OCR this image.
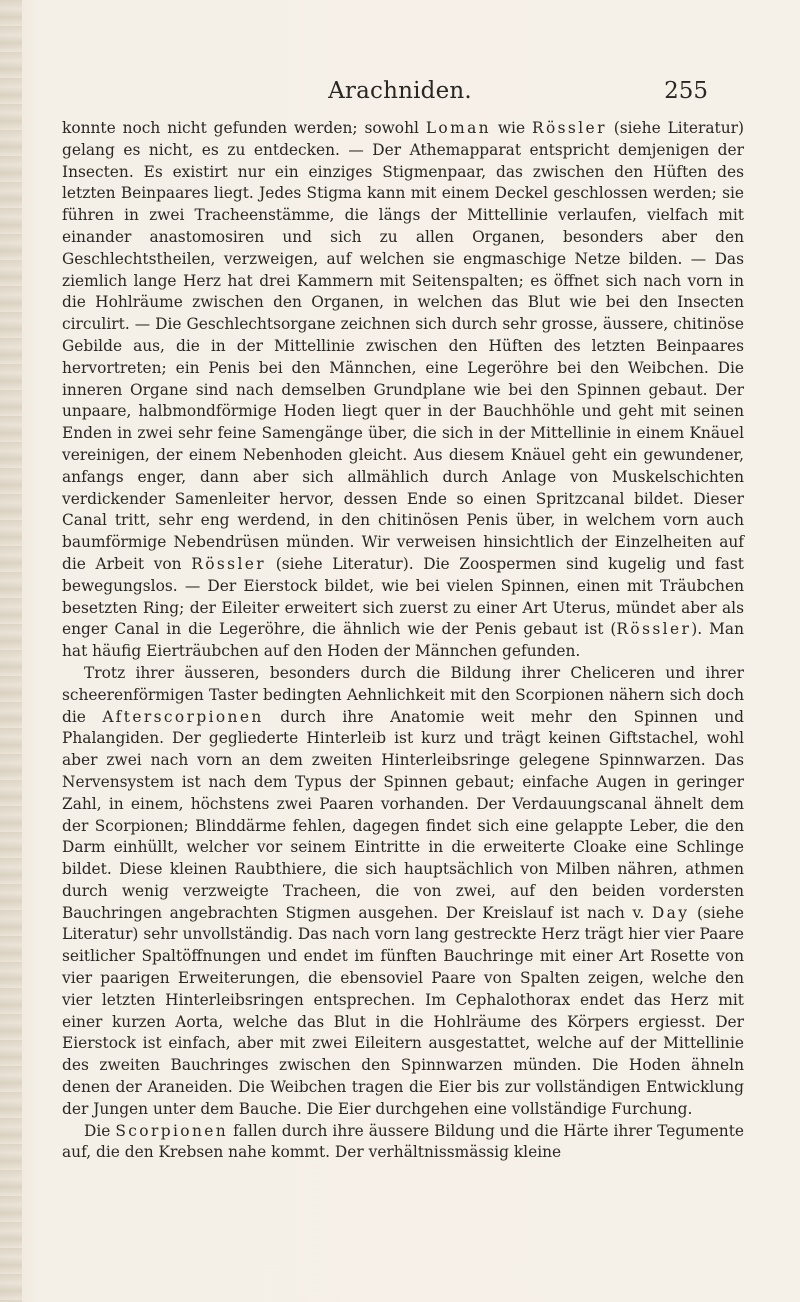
Arachniden.	255

konnte noch nicht gefunden werden; sowohl Loman wie Rössler (siehe Literatur) gelang es nicht, es zu entdecken. — Der Athemapparat entspricht demjenigen der Insecten. Es existirt nur ein einziges Stigmenpaar, das zwischen den Hüften des letzten Beinpaares liegt. Jedes Stigma kann mit einem Deckel geschlossen werden; sie führen in zwei Tracheenstämme, die längs der Mittellinie verlaufen, vielfach mit einander anastomosiren und sich zu allen Organen, besonders aber den Geschlechtstheilen, verzweigen, auf welchen sie engmaschige Netze bilden. — Das ziemlich lange Herz hat drei Kammern mit Seitenspalten; es öffnet sich nach vorn in die Hohlräume zwischen den Organen, in welchen das Blut wie bei den Insecten circulirt. — Die Geschlechtsorgane zeichnen sich durch sehr grosse, äussere, chitinöse Gebilde aus, die in der Mittellinie zwischen den Hüften des letzten Beinpaares hervortreten; ein Penis bei den Männchen, eine Legeröhre bei den Weibchen. Die inneren Organe sind nach demselben Grundplane wie bei den Spinnen gebaut. Der unpaare, halbmondförmige Hoden liegt quer in der Bauchhöhle und geht mit seinen Enden in zwei sehr feine Samengänge über, die sich in der Mittellinie in einem Knäuel vereinigen, der einem Nebenhoden gleicht. Aus diesem Knäuel geht ein gewundener, anfangs enger, dann aber sich allmählich durch Anlage von Muskelschichten verdickender Samenleiter hervor, dessen Ende so einen Spritzcanal bildet. Dieser Canal tritt, sehr eng werdend, in den chitinösen Penis über, in welchem vorn auch baumförmige Nebendrüsen münden. Wir verweisen hinsichtlich der Einzelheiten auf die Arbeit von Rössler (siehe Literatur). Die Zoospermen sind kugelig und fast bewegungslos. — Der Eierstock bildet, wie bei vielen Spinnen, einen mit Träubchen besetzten Ring; der Eileiter erweitert sich zuerst zu einer Art Uterus, mündet aber als enger Canal in die Legeröhre, die ähnlich wie der Penis gebaut ist (Rössler). Man hat häufig Eierträubchen auf den Hoden der Männchen gefunden.

Trotz ihrer äusseren, besonders durch die Bildung ihrer Cheliceren und ihrer scheerenförmigen Taster bedingten Aehnlichkeit mit den Scorpionen nähern sich doch die Afterscorpionen durch ihre Anatomie weit mehr den Spinnen und Phalangiden. Der gegliederte Hinterleib ist kurz und trägt keinen Giftstachel, wohl aber zwei nach vorn an dem zweiten Hinterleibsringe gelegene Spinnwarzen. Das Nervensystem ist nach dem Typus der Spinnen gebaut; einfache Augen in geringer Zahl, in einem, höchstens zwei Paaren vorhanden. Der Verdauungscanal ähnelt dem der Scorpionen; Blinddärme fehlen, dagegen findet sich eine gelappte Leber, die den Darm einhüllt, welcher vor seinem Eintritte in die erweiterte Cloake eine Schlinge bildet. Diese kleinen Raubthiere, die sich hauptsächlich von Milben nähren, athmen durch wenig verzweigte Tracheen, die von zwei, auf den beiden vordersten Bauchringen angebrachten Stigmen ausgehen. Der Kreislauf ist nach v. Day (siehe Literatur) sehr unvollständig. Das nach vorn lang gestreckte Herz trägt hier vier Paare seitlicher Spaltöffnungen und endet im fünften Bauchringe mit einer Art Rosette von vier paarigen Erweiterungen, die ebensoviel Paare von Spalten zeigen, welche den vier letzten Hinterleibsringen entsprechen. Im Cephalothorax endet das Herz mit einer kurzen Aorta, welche das Blut in die Hohlräume des Körpers ergiesst. Der Eierstock ist einfach, aber mit zwei Eileitern ausgestattet, welche auf der Mittellinie des zweiten Bauchringes zwischen den Spinnwarzen münden. Die Hoden ähneln denen der Araneiden. Die Weibchen tragen die Eier bis zur vollständigen Entwicklung der Jungen unter dem Bauche. Die Eier durchgehen eine vollständige Furchung.

Die Scorpionen fallen durch ihre äussere Bildung und die Härte ihrer Tegumente auf, die den Krebsen nahe kommt. Der verhältnissmässig kleine
